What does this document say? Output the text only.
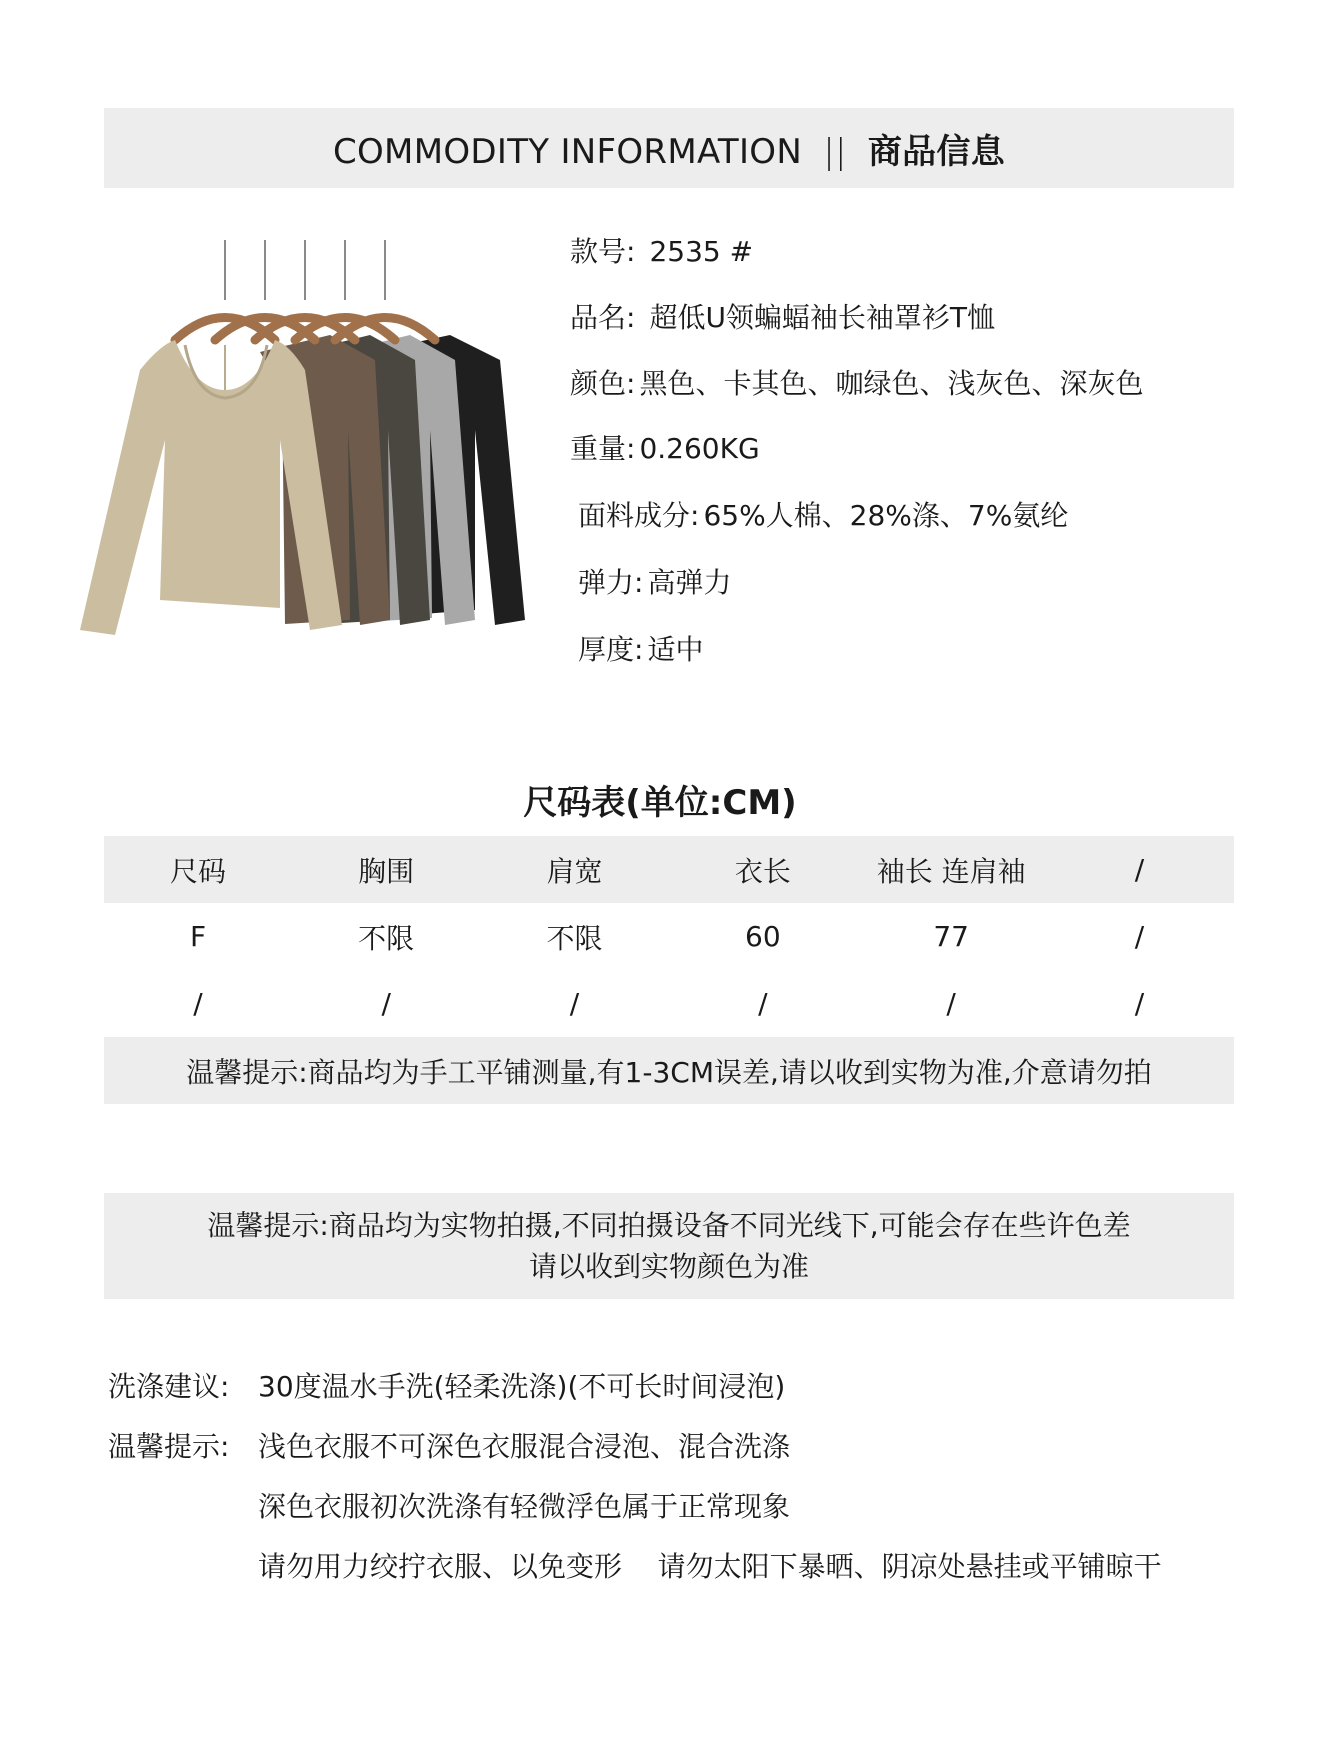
COMMODITY INFORMATION || 商品信息
款号: 2535 #
品名: 超低U领蝙蝠袖长袖罩衫T恤
颜色: 黑色、卡其色、咖绿色、浅灰色、深灰色
重量: 0.260KG
面料成分: 65%人棉、28%涤、7%氨纶
弹力: 高弹力
厚度: 适中
尺码表(单位:CM)
尺码	胸围	肩宽	衣长	袖长 连肩袖	/
F	不限	不限	60	77	/
/	/	/	/	/	/
温馨提示:商品均为手工平铺测量,有1-3CM误差,请以收到实物为准,介意请勿拍
温馨提示:商品均为实物拍摄,不同拍摄设备不同光线下,可能会存在些许色差
请以收到实物颜色为准
洗涤建议: 30度温水手洗(轻柔洗涤)(不可长时间浸泡)
温馨提示: 浅色衣服不可深色衣服混合浸泡、混合洗涤
深色衣服初次洗涤有轻微浮色属于正常现象
请勿用力绞拧衣服、以免变形    请勿太阳下暴晒、阴凉处悬挂或平铺晾干
